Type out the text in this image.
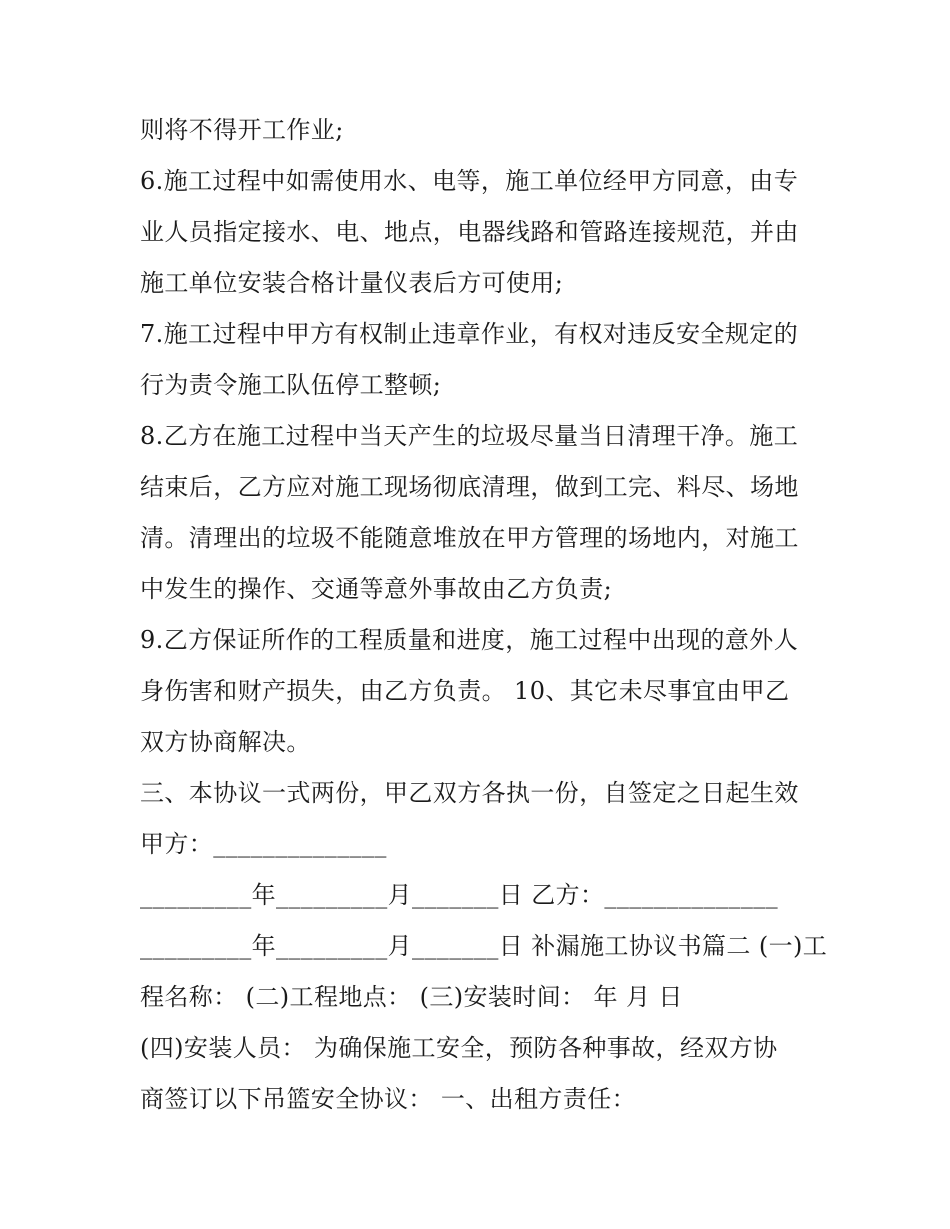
则将不得开工作业;
6.施工过程中如需使用水、电等，施工单位经甲方同意，由专
业人员指定接水、电、地点，电器线路和管路连接规范，并由
施工单位安装合格计量仪表后方可使用;
7.施工过程中甲方有权制止违章作业，有权对违反安全规定的
行为责令施工队伍停工整顿;
8.乙方在施工过程中当天产生的垃圾尽量当日清理干净。施工
结束后，乙方应对施工现场彻底清理，做到工完、料尽、场地
清。清理出的垃圾不能随意堆放在甲方管理的场地内，对施工
中发生的操作、交通等意外事故由乙方负责;
9.乙方保证所作的工程质量和进度，施工过程中出现的意外人
身伤害和财产损失，由乙方负责。 10、其它未尽事宜由甲乙
双方协商解决。
三、本协议一式两份，甲乙双方各执一份，自签定之日起生效
甲方：______________
_________年_________月_______日 乙方：______________
_________年_________月_______日 补漏施工协议书篇二 (一)工
程名称： (二)工程地点： (三)安装时间： 年 月 日
(四)安装人员： 为确保施工安全，预防各种事故，经双方协
商签订以下吊篮安全协议： 一、出租方责任：
